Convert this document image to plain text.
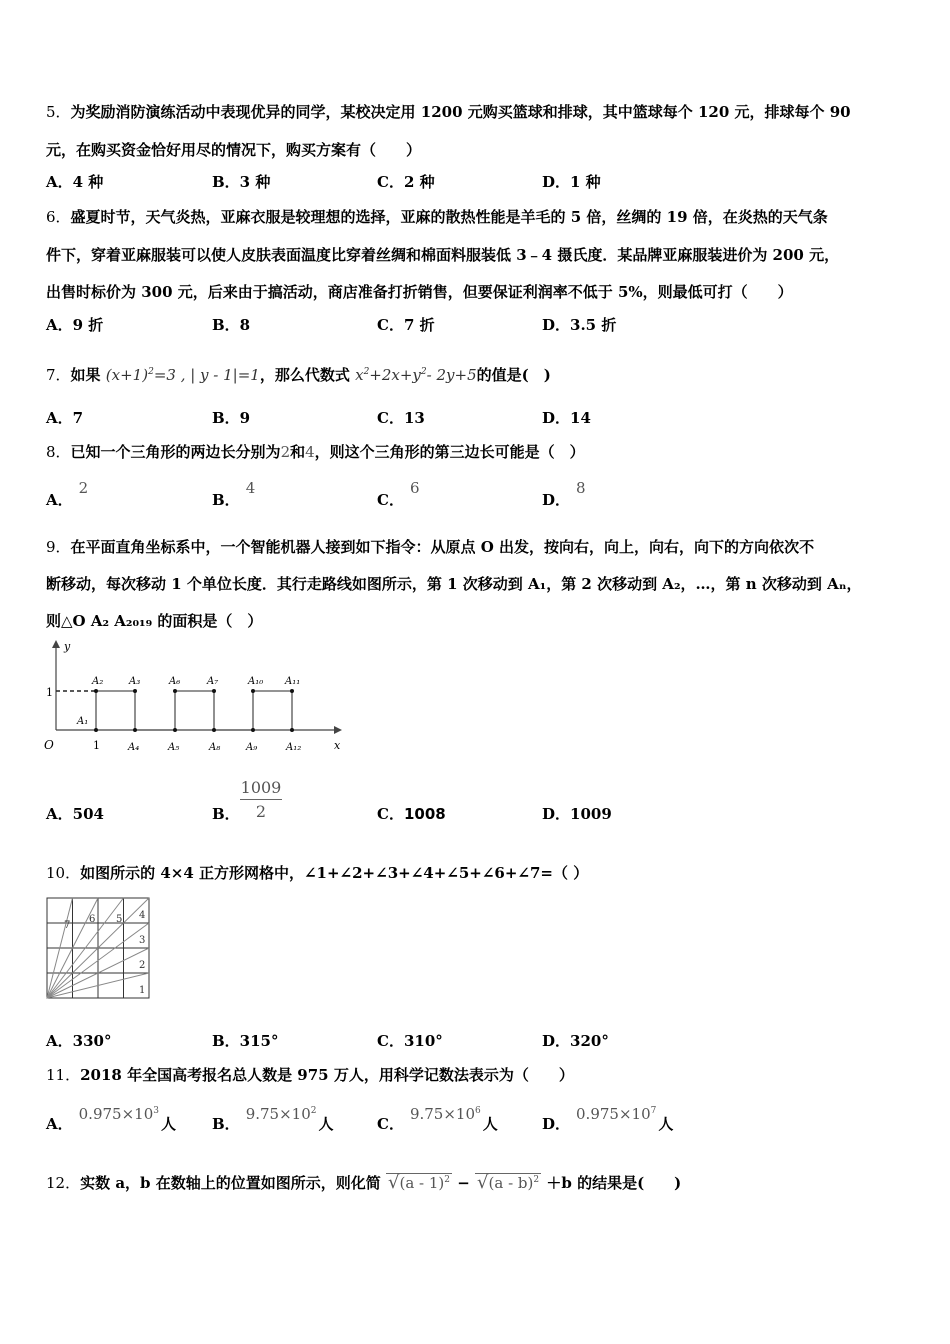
5．为奖励消防演练活动中表现优异的同学，某校决定用 1200 元购买篮球和排球，其中篮球每个 120 元，排球每个 90
元，在购买资金恰好用尽的情况下，购买方案有（　　）
A．4 种	B．3 种	C．2 种	D．1 种
6．盛夏时节，天气炎热，亚麻衣服是较理想的选择，亚麻的散热性能是羊毛的 5 倍，丝绸的 19 倍，在炎热的天气条
件下，穿着亚麻服装可以使人皮肤表面温度比穿着丝绸和棉面料服装低 3﹣4 摄氏度．某品牌亚麻服装进价为 200 元，
出售时标价为 300 元，后来由于搞活动，商店准备打折销售，但要保证利润率不低于 5%，则最低可打（　　）
A．9 折	B．8	C．7 折	D．3.5 折
7．如果 $(x+1)^2=3$ , | y - 1|=1，那么代数式 $x^2+2x+y^2-$ 2y+5的值是(　)
A．7	B．9	C．13	D．14
8．已知一个三角形的两边长分别为2和4，则这个三角形的第三边长可能是（　）
A．2
B．4
C．6
D．8
9．在平面直角坐标系中，一个智能机器人接到如下指令：从原点 O 出发，按向右，向上，向右，向下的方向依次不
断移动，每次移动 1 个单位长度．其行走路线如图所示，第 1 次移动到 A₁，第 2 次移动到 A₂，…，第 n 次移动到 Aₙ，
则△O A₂ A₂₀₁₉ 的面积是（　）
y
x
O
1
1
A₁
A₂	A₃	A₆	A₇	A₁₀ A₁₁
A₄	A₅	A₈	A₉	A₁₂
A．504	B．
1009
2	C．1008	D．1009
10．如图所示的 4×4 正方形网格中，∠1+∠2+∠3+∠4+∠5+∠6+∠7=（ ）
1
2
3
4
5
6
7
A．330°	B．315°	C．310°	D．320°
11．2018 年全国高考报名总人数是 975 万人，用科学记数法表示为（　　）
A．$0.975\times 10^3$人 B．$9.75\times 10^2$人	C．$9.75\times 10^6$人	D．$0.975\times 10^7$人
12．实数 a，b 在数轴上的位置如图所示，则化简 √(a - 1)$^2$ − √(a - b)$^2$ ＋b 的结果是(　　)
